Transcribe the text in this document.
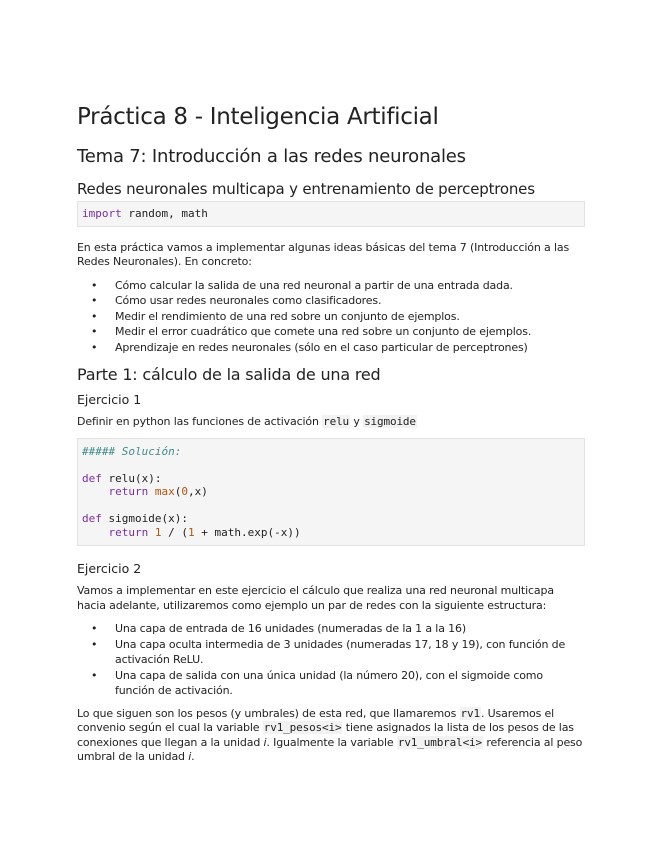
Práctica 8 - Inteligencia Artificial
Tema 7: Introducción a las redes neuronales
Redes neuronales multicapa y entrenamiento de perceptrones
import random, math

En esta práctica vamos a implementar algunas ideas básicas del tema 7 (Introducción a las Redes Neuronales). En concreto:

• Cómo calcular la salida de una red neuronal a partir de una entrada dada.
• Cómo usar redes neuronales como clasificadores.
• Medir el rendimiento de una red sobre un conjunto de ejemplos.
• Medir el error cuadrático que comete una red sobre un conjunto de ejemplos.
• Aprendizaje en redes neuronales (sólo en el caso particular de perceptrones)
Parte 1: cálculo de la salida de una red
Ejercicio 1

Definir en python las funciones de activación relu y sigmoide

##### Solución:

def relu(x):
return max(0,x)

def sigmoide(x):
return 1 / (1 + math.exp(-x))
Ejercicio 2

Vamos a implementar en este ejercicio el cálculo que realiza una red neuronal multicapa hacia adelante, utilizaremos como ejemplo un par de redes con la siguiente estructura:

• Una capa de entrada de 16 unidades (numeradas de la 1 a la 16)
• Una capa oculta intermedia de 3 unidades (numeradas 17, 18 y 19), con función de activación ReLU.
• Una capa de salida con una única unidad (la número 20), con el sigmoide como función de activación.

Lo que siguen son los pesos (y umbrales) de esta red, que llamaremos rv1. Usaremos el convenio según el cual la variable rv1_pesos<i> tiene asignados la lista de los pesos de las conexiones que llegan a la unidad i. Igualmente la variable rv1_umbral<i> referencia al peso umbral de la unidad i.
